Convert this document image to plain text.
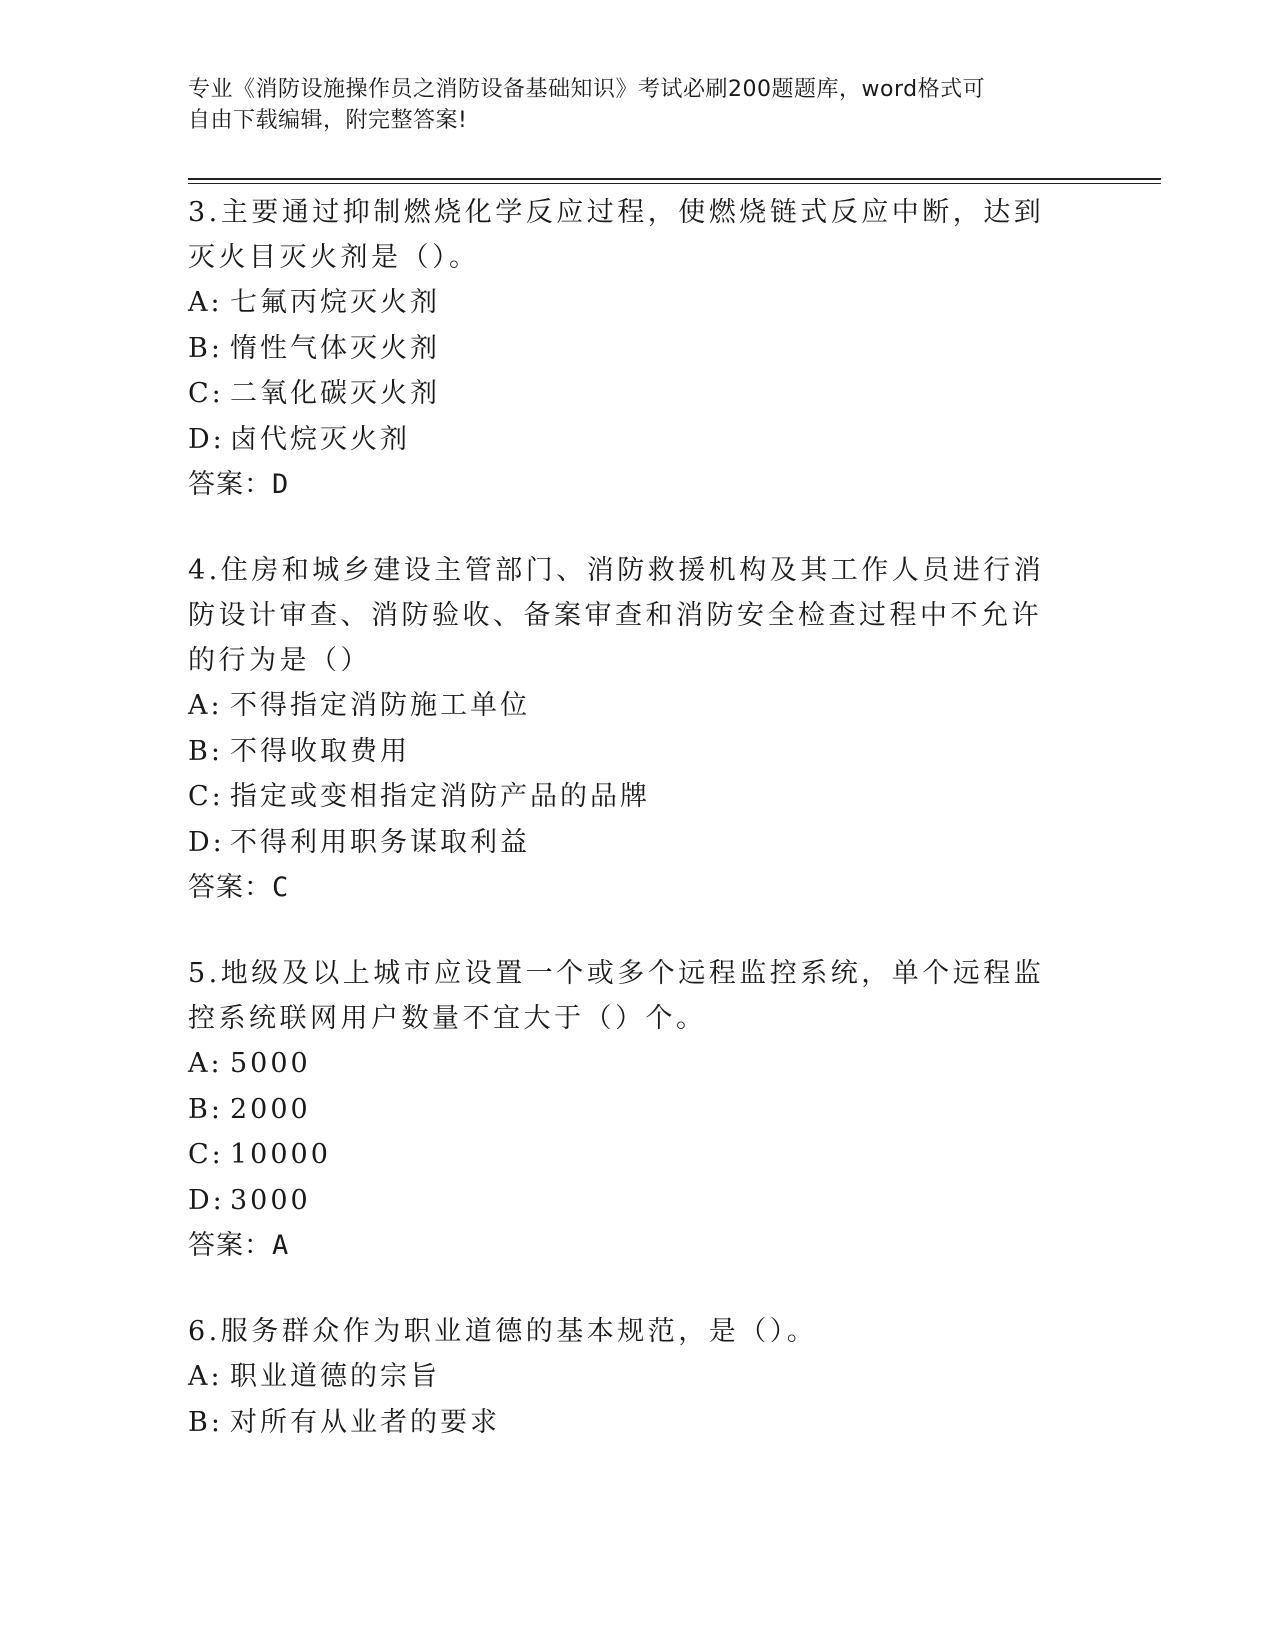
专业《消防设施操作员之消防设备基础知识》考试必刷200题题库，word格式可
自由下载编辑，附完整答案!
3.主要通过抑制燃烧化学反应过程，使燃烧链式反应中断，达到灭火目灭火剂是（）。
A: 七氟丙烷灭火剂
B: 惰性气体灭火剂
C: 二氧化碳灭火剂
D: 卤代烷灭火剂
答案：D
4.住房和城乡建设主管部门、消防救援机构及其工作人员进行消防设计审查、消防验收、备案审查和消防安全检查过程中不允许的行为是（）
A: 不得指定消防施工单位
B: 不得收取费用
C: 指定或变相指定消防产品的品牌
D: 不得利用职务谋取利益
答案：C
5.地级及以上城市应设置一个或多个远程监控系统，单个远程监控系统联网用户数量不宜大于（）个。
A: 5000
B: 2000
C: 10000
D: 3000
答案：A
6.服务群众作为职业道德的基本规范，是（）。
A: 职业道德的宗旨
B: 对所有从业者的要求
